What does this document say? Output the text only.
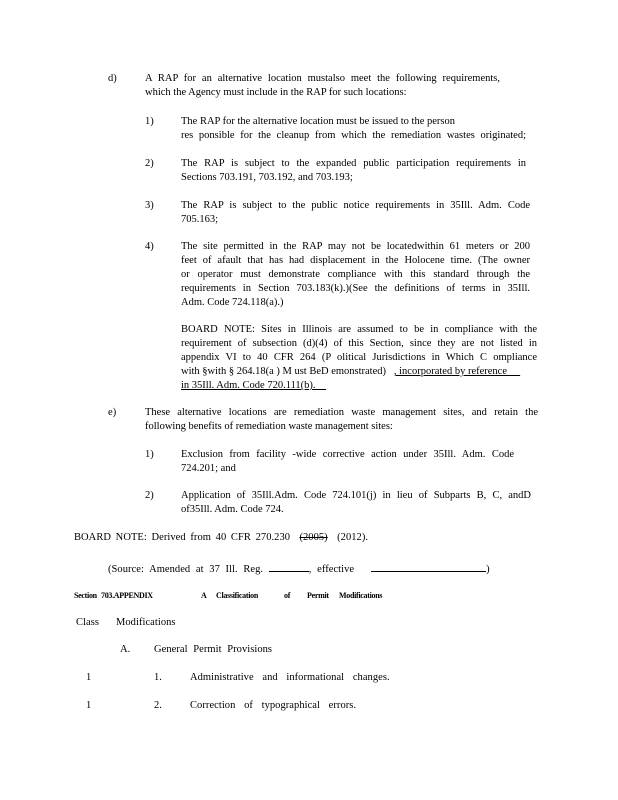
d)	A RAP for an alternative location mustalso meet the following requirements,
which the Agency must include in the RAP for such locations:
1)	The RAP for the alternative location must be issued to the person
res ponsible for the cleanup from which the remediation wastes originated;
2)	The RAP is subject to the expanded public participation requirements in
Sections 703.191, 703.192, and 703.193;
3)	The RAP is subject to the public notice requirements in 35Ill. Adm. Code
705.163;
4)	The site permitted in the RAP may not be locatedwithin 61 meters or 200
feet of afault that has had displacement in the Holocene time. (The owner
or operator must demonstrate compliance with this standard through the
requirements in Section 703.183(k).)(See the definitions of terms in 35Ill.
Adm. Code 724.118(a).)
BOARD NOTE: Sites in Illinois are assumed to be in compliance with the
requirement of subsection (d)(4) of this Section, since they are not listed in
appendix VI to 40 CFR 264 (P olitical Jurisdictions in Which C ompliance
with §with § 264.18(a ) M ust BeD emonstrated) , incorporated by reference
in 35Ill. Adm. Code 720.111(b).
e)	These alternative locations are remediation waste management sites, and retain the
following benefits of remediation waste management sites:
1)	Exclusion from facility -wide corrective action under 35Ill. Adm. Code
724.201; and
2)	Application of 35Ill.Adm. Code 724.101(j) in lieu of Subparts B, C, andD
of35Ill. Adm. Code 724.
BOARD NOTE: Derived from 40 CFR 270.230 (2005) (2012).
(Source: Amended at 37 Ill. Reg.	, effective	)
Section 703.APPENDIX	A Classification	of Permit Modifications
Class Modifications
A. General Permit Provisions
1	1.	Administrative and informational changes.
1	2.	Correction of typographical errors.
